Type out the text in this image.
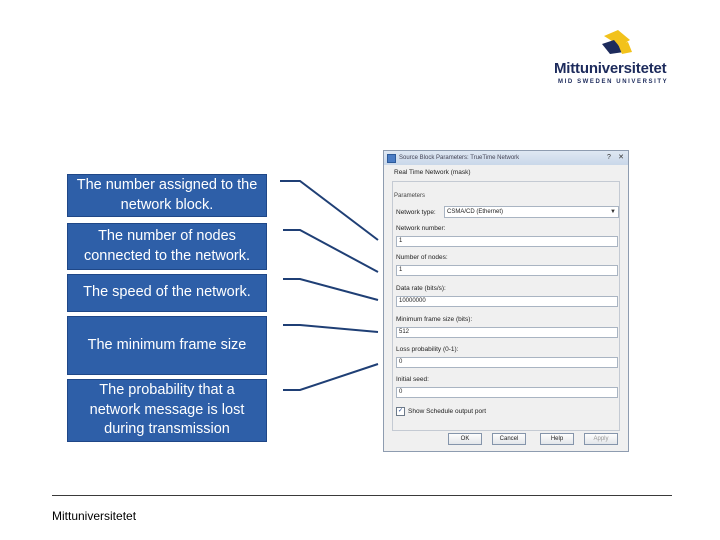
Mittuniversitetet
MID SWEDEN UNIVERSITY
The number assigned to the network block.
The number of nodes connected to the network.
The speed of the network.
The minimum frame size
The probability that a network message is lost during transmission
Source Block Parameters: TrueTime Network	?	✕
Real Time Network (mask)
Parameters
Network type:	CSMA/CD (Ethernet)	▼
Network number:
1
Number of nodes:
1
Data rate (bits/s):
10000000
Minimum frame size (bits):
512
Loss probability (0-1):
0
Initial seed:
0
✓ Show Schedule output port
OK	Cancel	Help	Apply
Mittuniversitetet
